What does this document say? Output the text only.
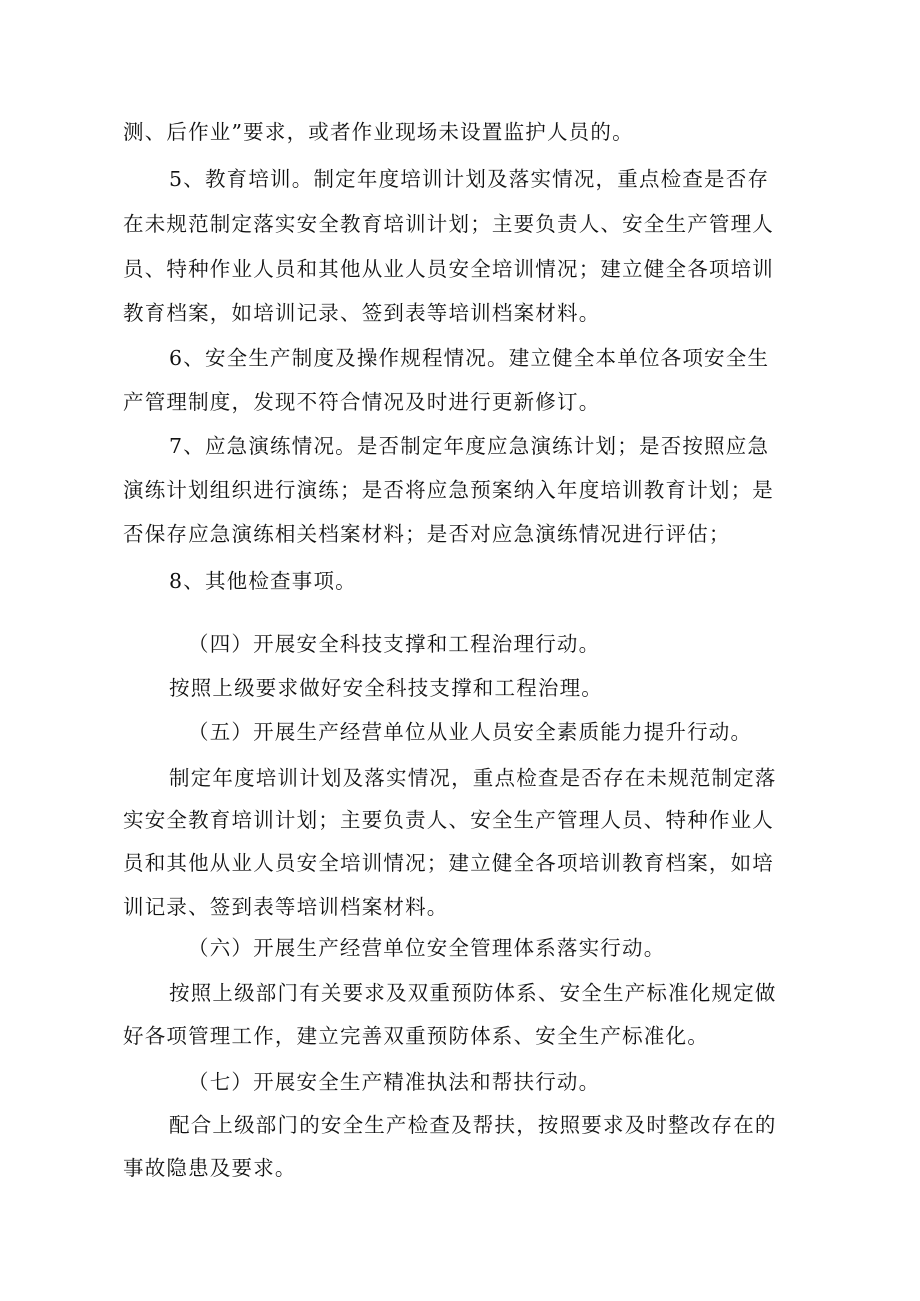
测、后作业”要求，或者作业现场未设置监护人员的。
5、教育培训。制定年度培训计划及落实情况，重点检查是否存
在未规范制定落实安全教育培训计划；主要负责人、安全生产管理人
员、特种作业人员和其他从业人员安全培训情况；建立健全各项培训
教育档案，如培训记录、签到表等培训档案材料。
6、安全生产制度及操作规程情况。建立健全本单位各项安全生
产管理制度，发现不符合情况及时进行更新修订。
7、应急演练情况。是否制定年度应急演练计划；是否按照应急
演练计划组织进行演练；是否将应急预案纳入年度培训教育计划；是
否保存应急演练相关档案材料；是否对应急演练情况进行评估；
8、其他检查事项。
（四）开展安全科技支撑和工程治理行动。
按照上级要求做好安全科技支撑和工程治理。
（五）开展生产经营单位从业人员安全素质能力提升行动。
制定年度培训计划及落实情况，重点检查是否存在未规范制定落
实安全教育培训计划；主要负责人、安全生产管理人员、特种作业人
员和其他从业人员安全培训情况；建立健全各项培训教育档案，如培
训记录、签到表等培训档案材料。
（六）开展生产经营单位安全管理体系落实行动。
按照上级部门有关要求及双重预防体系、安全生产标准化规定做
好各项管理工作，建立完善双重预防体系、安全生产标准化。
（七）开展安全生产精准执法和帮扶行动。
配合上级部门的安全生产检查及帮扶，按照要求及时整改存在的
事故隐患及要求。
